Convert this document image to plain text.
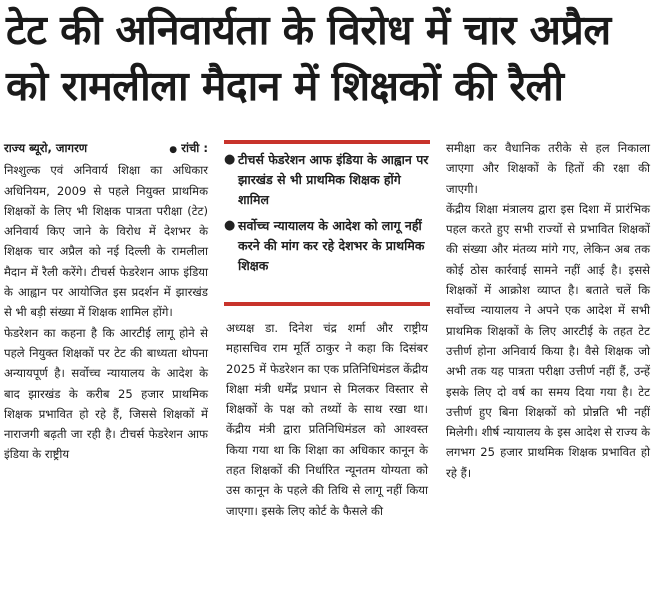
टेट की अनिवार्यता के विरोध में चार अप्रैल
को रामलीला मैदान में शिक्षकों की रैली
राज्य ब्यूरो, जागरण	● रांची :

निश्शुल्क एवं अनिवार्य शिक्षा का अधिकार अधिनियम, 2009 से पहले नियुक्त प्राथमिक शिक्षकों के लिए भी शिक्षक पात्रता परीक्षा (टेट) अनिवार्य किए जाने के विरोध में देशभर के शिक्षक चार अप्रैल को नई दिल्ली के रामलीला मैदान में रैली करेंगे। टीचर्स फेडरेशन आफ इंडिया के आह्वान पर आयोजित इस प्रदर्शन में झारखंड से भी बड़ी संख्या में शिक्षक शामिल होंगे।

फेडरेशन का कहना है कि आरटीई लागू होने से पहले नियुक्त शिक्षकों पर टेट की बाध्यता थोपना अन्यायपूर्ण है। सर्वोच्च न्यायालय के आदेश के बाद झारखंड के करीब 25 हजार प्राथमिक शिक्षक प्रभावित हो रहे हैं, जिससे शिक्षकों में नाराजगी बढ़ती जा रही है। टीचर्स फेडरेशन आफ इंडिया के राष्ट्रीय

● टीचर्स फेडरेशन आफ इंडिया के आह्वान पर झारखंड से भी प्राथमिक शिक्षक होंगे शामिल
● सर्वोच्च न्यायालय के आदेश को लागू नहीं करने की मांग कर रहे देशभर के प्राथमिक शिक्षक

अध्यक्ष डा. दिनेश चंद्र शर्मा और राष्ट्रीय महासचिव राम मूर्ति ठाकुर ने कहा कि दिसंबर 2025 में फेडरेशन का एक प्रतिनिधिमंडल केंद्रीय शिक्षा मंत्री धर्मेंद्र प्रधान से मिलकर विस्तार से शिक्षकों के पक्ष को तथ्यों के साथ रखा था। केंद्रीय मंत्री द्वारा प्रतिनिधिमंडल को आश्वस्त किया गया था कि शिक्षा का अधिकार कानून के तहत शिक्षकों की निर्धारित न्यूनतम योग्यता को उस कानून के पहले की तिथि से लागू नहीं किया जाएगा। इसके लिए कोर्ट के फैसले की

समीक्षा कर वैधानिक तरीके से हल निकाला जाएगा और शिक्षकों के हितों की रक्षा की जाएगी।

केंद्रीय शिक्षा मंत्रालय द्वारा इस दिशा में प्रारंभिक पहल करते हुए सभी राज्यों से प्रभावित शिक्षकों की संख्या और मंतव्य मांगे गए, लेकिन अब तक कोई ठोस कार्रवाई सामने नहीं आई है। इससे शिक्षकों में आक्रोश व्याप्त है। बताते चलें कि सर्वोच्च न्यायालय ने अपने एक आदेश में सभी प्राथमिक शिक्षकों के लिए आरटीई के तहत टेट उत्तीर्ण होना अनिवार्य किया है। वैसे शिक्षक जो अभी तक यह पात्रता परीक्षा उत्तीर्ण नहीं हैं, उन्हें इसके लिए दो वर्ष का समय दिया गया है। टेट उत्तीर्ण हुए बिना शिक्षकों को प्रोन्नति भी नहीं मिलेगी। शीर्ष न्यायालय के इस आदेश से राज्य के लगभग 25 हजार प्राथमिक शिक्षक प्रभावित हो रहे हैं।
